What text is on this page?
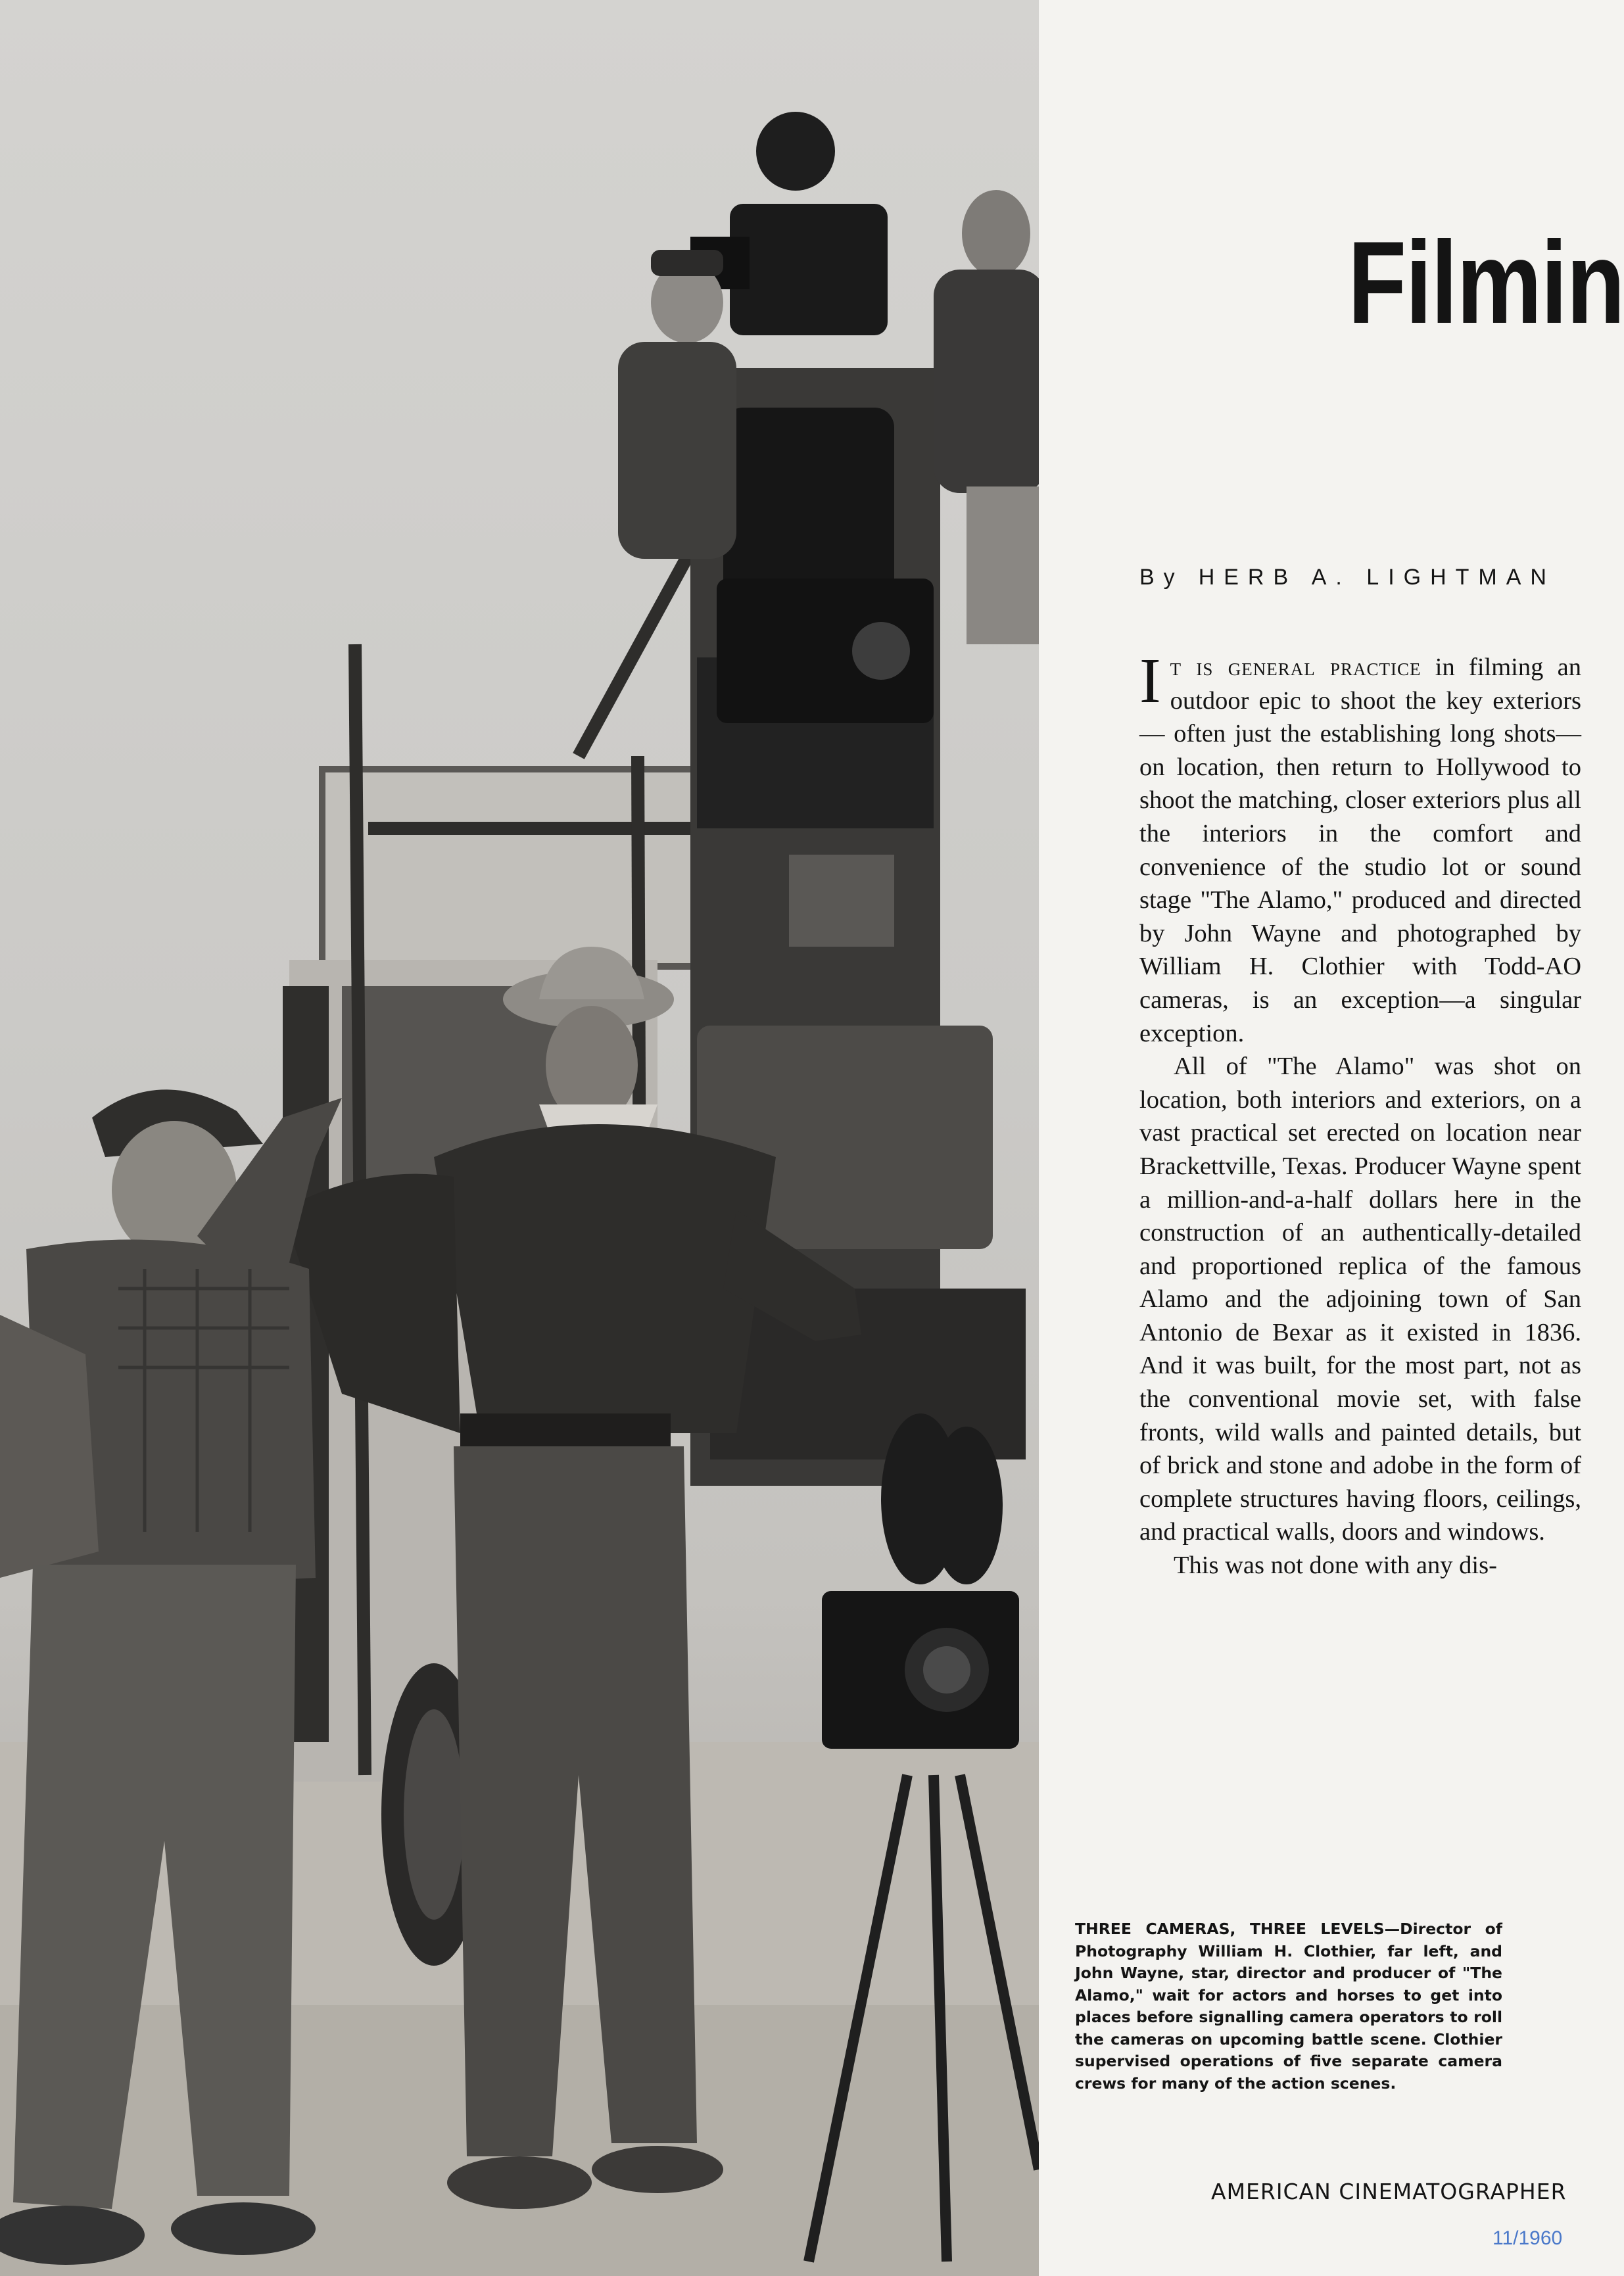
Filmin
By HERB A. LIGHTMAN

It is general practice in filming an outdoor epic to shoot the key exteriors — often just the establishing long shots—on location, then return to Hollywood to shoot the matching, closer exteriors plus all the interiors in the comfort and convenience of the studio lot or sound stage "The Alamo," produced and directed by John Wayne and photographed by William H. Clothier with Todd-AO cameras, is an exception—a singular exception.

All of "The Alamo" was shot on location, both interiors and exteriors, on a vast practical set erected on location near Brackettville, Texas. Producer Wayne spent a million-and-a-half dollars here in the construction of an authentically-detailed and proportioned replica of the famous Alamo and the adjoining town of San Antonio de Bexar as it existed in 1836. And it was built, for the most part, not as the conventional movie set, with false fronts, wild walls and painted details, but of brick and stone and adobe in the form of complete structures having floors, ceilings, and practical walls, doors and windows.

This was not done with any dis-

THREE CAMERAS, THREE LEVELS—Director of Photography William H. Clothier, far left, and John Wayne, star, director and producer of "The Alamo," wait for actors and horses to get into places before signalling camera operators to roll the cameras on upcoming battle scene. Clothier supervised operations of five separate camera crews for many of the action scenes.
AMERICAN CINEMATOGRAPHER
11/1960
